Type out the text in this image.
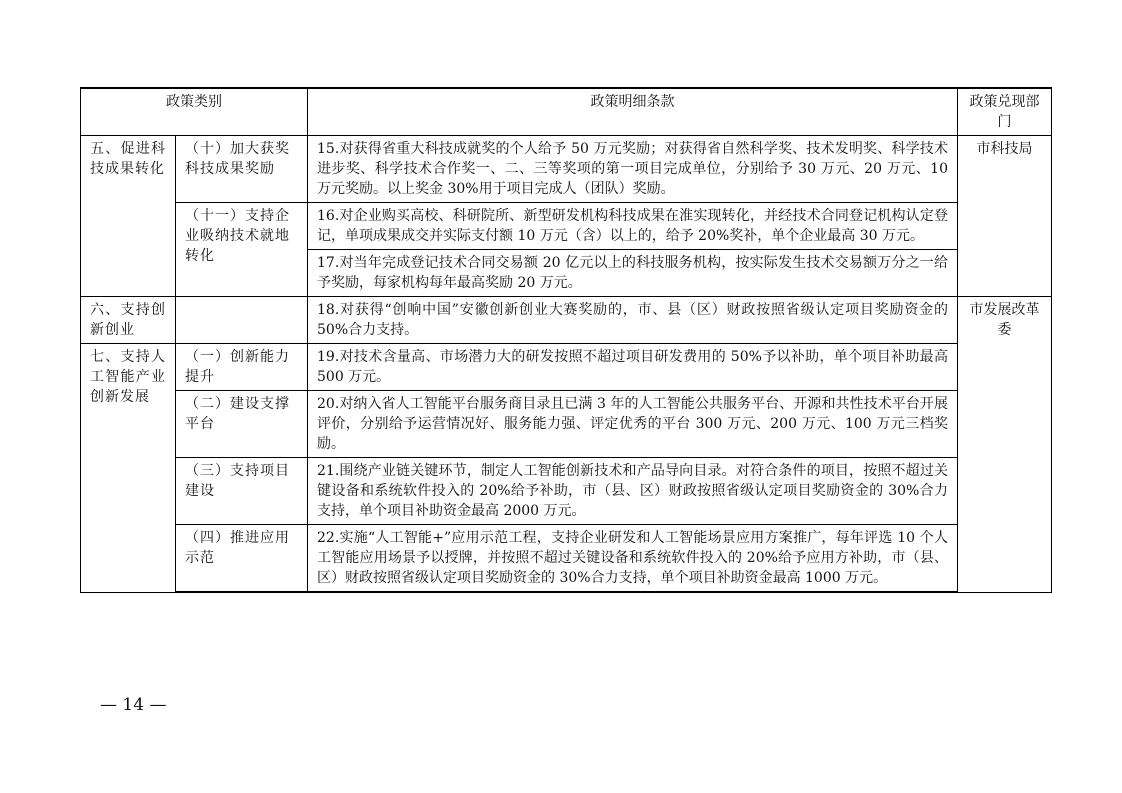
政策类别		政策明细条款	政策兑现部门
五、促进科技成果转化	（十）加大获奖科技成果奖励	15.对获得省重大科技成就奖的个人给予 50 万元奖励；对获得省自然科学奖、技术发明奖、科学技术进步奖、科学技术合作奖一、二、三等奖项的第一项目完成单位，分别给予 30 万元、20 万元、10 万元奖励。以上奖金 30%用于项目完成人（团队）奖励。	市科技局
	（十一）支持企业吸纳技术就地转化	16.对企业购买高校、科研院所、新型研发机构科技成果在淮实现转化，并经技术合同登记机构认定登记，单项成果成交并实际支付额 10 万元（含）以上的，给予 20%奖补，单个企业最高 30 万元。	
		17.对当年完成登记技术合同交易额 20 亿元以上的科技服务机构，按实际发生技术交易额万分之一给予奖励，每家机构每年最高奖励 20 万元。	
六、支持创新创业		18.对获得“创响中国”安徽创新创业大赛奖励的，市、县（区）财政按照省级认定项目奖励资金的 50%合力支持。	市发展改革委
七、支持人工智能产业创新发展	（一）创新能力提升	19.对技术含量高、市场潜力大的研发按照不超过项目研发费用的 50%予以补助，单个项目补助最高 500 万元。	
	（二）建设支撑平台	20.对纳入省人工智能平台服务商目录且已满 3 年的人工智能公共服务平台、开源和共性技术平台开展评价，分别给予运营情况好、服务能力强、评定优秀的平台 300 万元、200 万元、100 万元三档奖励。	
	（三）支持项目建设	21.围绕产业链关键环节，制定人工智能创新技术和产品导向目录。对符合条件的项目，按照不超过关键设备和系统软件投入的 20%给予补助，市（县、区）财政按照省级认定项目奖励资金的 30%合力支持，单个项目补助资金最高 2000 万元。	
	（四）推进应用示范	22.实施“人工智能+”应用示范工程，支持企业研发和人工智能场景应用方案推广，每年评选 10 个人工智能应用场景予以授牌，并按照不超过关键设备和系统软件投入的 20%给予应用方补助，市（县、区）财政按照省级认定项目奖励资金的 30%合力支持，单个项目补助资金最高 1000 万元。	
— 14 —
